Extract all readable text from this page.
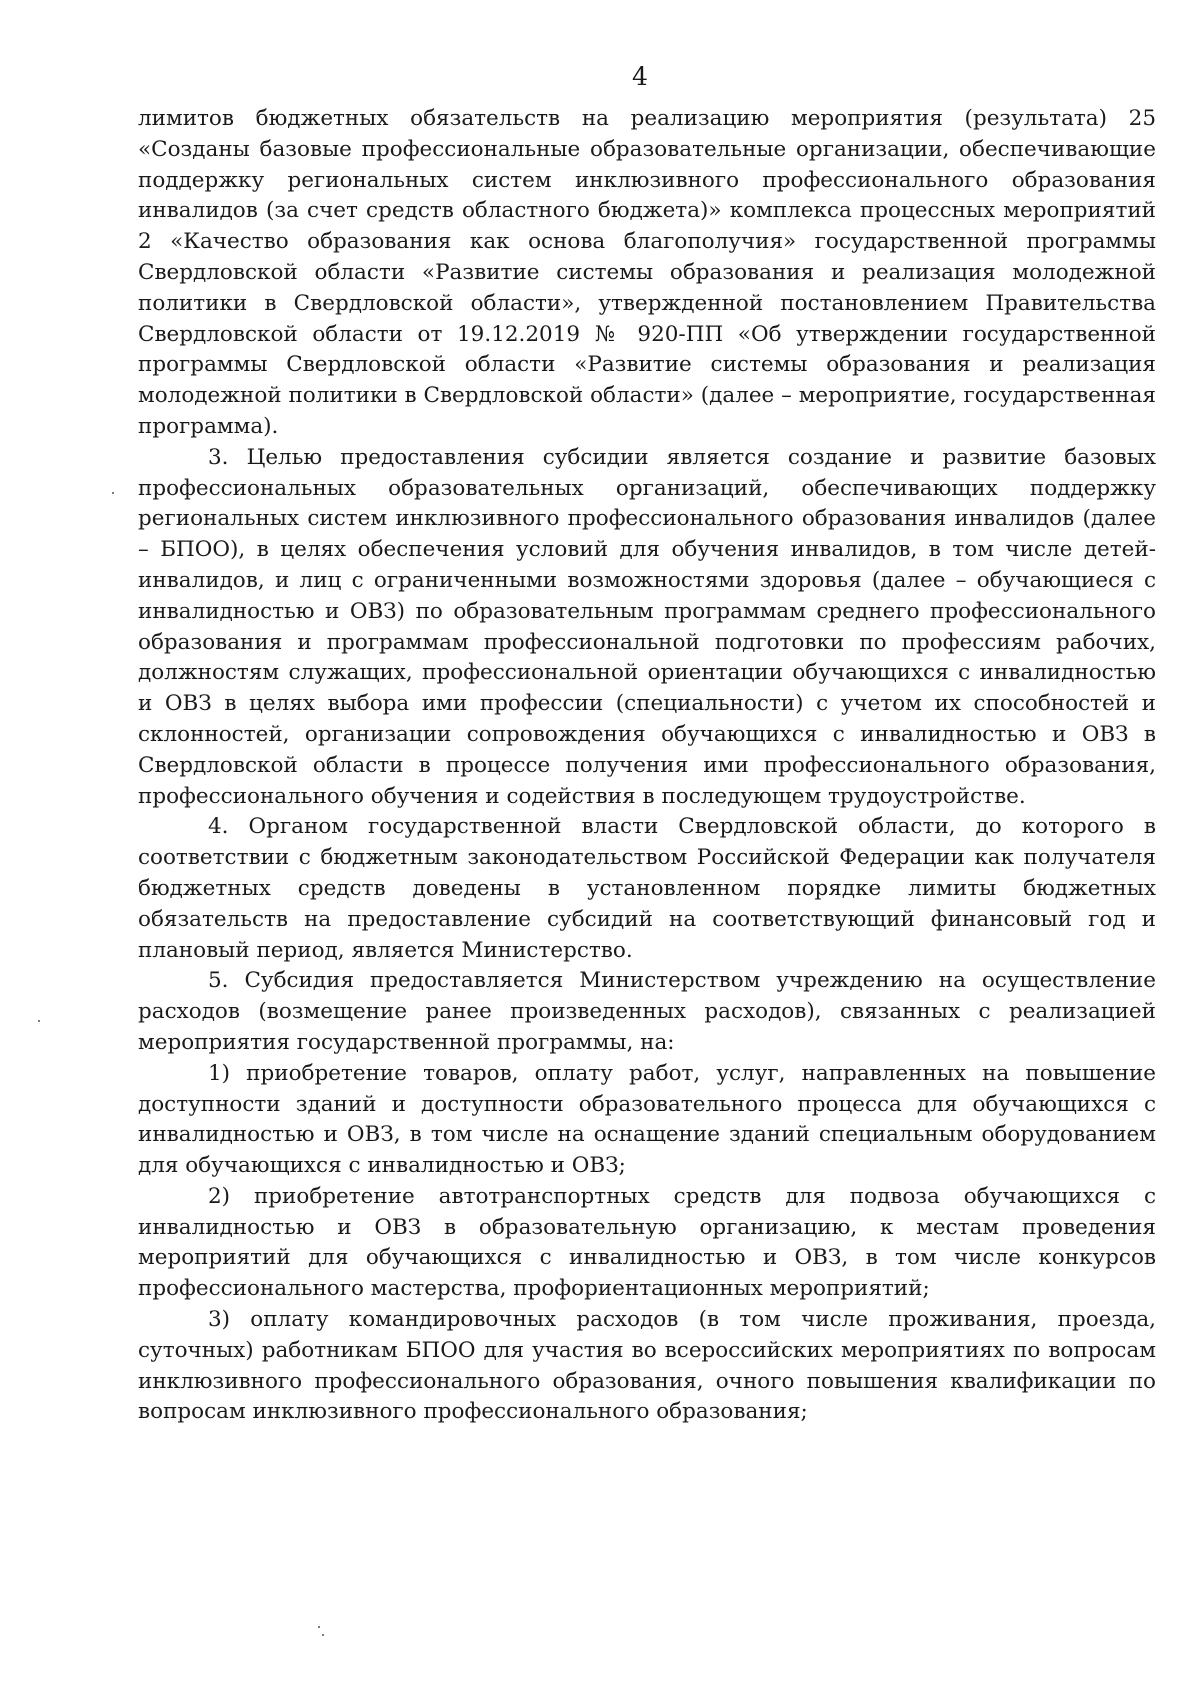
4

лимитов бюджетных обязательств на реализацию мероприятия (результата) 25 «Созданы базовые профессиональные образовательные организации, обеспечивающие поддержку региональных систем инклюзивного профессионального образования инвалидов (за счет средств областного бюджета)» комплекса процессных мероприятий 2 «Качество образования как основа благополучия» государственной программы Свердловской области «Развитие системы образования и реализация молодежной политики в Свердловской области», утвержденной постановлением Правительства Свердловской области от 19.12.2019 № 920-ПП «Об утверждении государственной программы Свердловской области «Развитие системы образования и реализация молодежной политики в Свердловской области» (далее – мероприятие, государственная программа).

3. Целью предоставления субсидии является создание и развитие базовых профессиональных образовательных организаций, обеспечивающих поддержку региональных систем инклюзивного профессионального образования инвалидов (далее – БПОО), в целях обеспечения условий для обучения инвалидов, в том числе детей-инвалидов, и лиц с ограниченными возможностями здоровья (далее – обучающиеся с инвалидностью и ОВЗ) по образовательным программам среднего профессионального образования и программам профессиональной подготовки по профессиям рабочих, должностям служащих, профессиональной ориентации обучающихся с инвалидностью и ОВЗ в целях выбора ими профессии (специальности) с учетом их способностей и склонностей, организации сопровождения обучающихся с инвалидностью и ОВЗ в Свердловской области в процессе получения ими профессионального образования, профессионального обучения и содействия в последующем трудоустройстве.

4. Органом государственной власти Свердловской области, до которого в соответствии с бюджетным законодательством Российской Федерации как получателя бюджетных средств доведены в установленном порядке лимиты бюджетных обязательств на предоставление субсидий на соответствующий финансовый год и плановый период, является Министерство.

5. Субсидия предоставляется Министерством учреждению на осуществление расходов (возмещение ранее произведенных расходов), связанных с реализацией мероприятия государственной программы, на:

1) приобретение товаров, оплату работ, услуг, направленных на повышение доступности зданий и доступности образовательного процесса для обучающихся с инвалидностью и ОВЗ, в том числе на оснащение зданий специальным оборудованием для обучающихся с инвалидностью и ОВЗ;

2) приобретение автотранспортных средств для подвоза обучающихся с инвалидностью и ОВЗ в образовательную организацию, к местам проведения мероприятий для обучающихся с инвалидностью и ОВЗ, в том числе конкурсов профессионального мастерства, профориентационных мероприятий;

3) оплату командировочных расходов (в том числе проживания, проезда, суточных) работникам БПОО для участия во всероссийских мероприятиях по вопросам инклюзивного профессионального образования, очного повышения квалификации по вопросам инклюзивного профессионального образования;
